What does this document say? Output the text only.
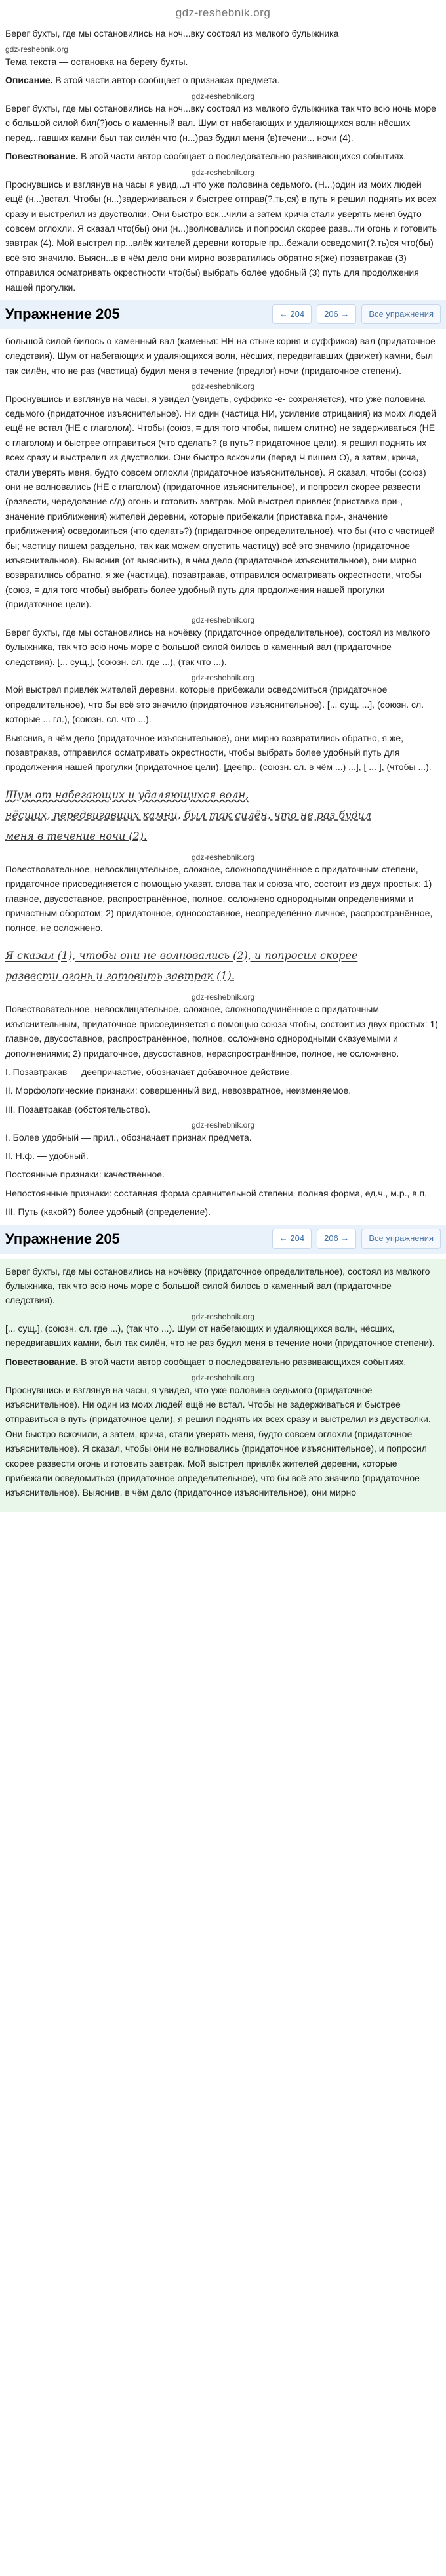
gdz-reshebnik.org

Берег бухты, где мы остановились на ноч...вку состоял из мелкого булыжника

gdz-reshebnik.org

Тема текста — остановка на берегу бухты.

Описание. В этой части автор сообщает о признаках предмета.

gdz-reshebnik.org

Берег бухты, где мы остановились на ноч...вку состоял из мелкого булыжника так что всю ночь море с большой силой бил(?)ось о каменный вал. Шум от набегающих и удаляющихся волн нёсших перед...гавших камни был так силён что (н...)раз будил меня (в)течени... ночи (4).

Повествование. В этой части автор сообщает о последовательно развивающихся событиях.

gdz-reshebnik.org

Проснувшись и взглянув на часы я увид...л что уже половина седьмого. (Н...)один из моих людей ещё (н...)встал. Чтобы (н...)задерживаться и быстрее отправ(?,ть,ся) в путь я решил поднять их всех сразу и выстрелил из двустволки. Они быстро вск...чили а затем крича стали уверять меня будто совсем оглохли. Я сказал что(бы) они (н...)волновались и попросил скорее разв...ти огонь и готовить завтрак (4). Мой выстрел пр...влёк жителей деревни которые пр...бежали осведомит(?,ть)ся что(бы) всё это значило. Выясн...в в чём дело они мирно возвратились обратно я(же) позавтракав (3) отправился осматривать окрестности что(бы) выбрать более удобный (3) путь для продолжения нашей прогулки.

Упражнение 205	← 204	206 →	Все упражнения

большой силой билось о каменный вал (каменья: НН на стыке корня и суффикса) вал (придаточное следствия). Шум от набегающих и удаляющихся волн, нёсших, передвигавших (движет) камни, был так силён, что не раз (частица) будил меня в течение (предлог) ночи (придаточное степени).

gdz-reshebnik.org

Проснувшись и взглянув на часы, я увидел (увидеть, суффикс -е- сохраняется), что уже половина седьмого (придаточное изъяснительное). Ни один (частица НИ, усиление отрицания) из моих людей ещё не встал (НЕ с глаголом). Чтобы (союз, = для того чтобы, пишем слитно) не задерживаться (НЕ с глаголом) и быстрее отправиться (что сделать? (в путь? придаточное цели), я решил поднять их всех сразу и выстрелил из двустволки. Они быстро вскочили (перед Ч пишем О), а затем, крича, стали уверять меня, будто совсем оглохли (придаточное изъяснительное). Я сказал, чтобы (союз) они не волновались (НЕ с глаголом) (придаточное изъяснительное), и попросил скорее развести (развести, чередование с/д) огонь и готовить завтрак. Мой выстрел привлёк (приставка при-, значение приближения) жителей деревни, которые прибежали (приставка при-, значение приближения) осведомиться (что сделать?) (придаточное определительное), что бы (что с частицей бы; частицу пишем раздельно, так как можем опустить частицу) всё это значило (придаточное изъяснительное). Выяснив (от выяснить), в чём дело (придаточное изъяснительное), они мирно возвратились обратно, я же (частица), позавтракав, отправился осматривать окрестности, чтобы (союз, = для того чтобы) выбрать более удобный путь для продолжения нашей прогулки (придаточное цели).

gdz-reshebnik.org

Берег бухты, где мы остановились на ночёвку (придаточное определительное), состоял из мелкого булыжника, так что всю ночь море с большой силой билось о каменный вал (придаточное следствия). [... сущ.], (союзн. сл. где ...), (так что ...).

gdz-reshebnik.org

Мой выстрел привлёк жителей деревни, которые прибежали осведомиться (придаточное определительное), что бы всё это значило (придаточное изъяснительное). [... сущ. ...], (союзн. сл. которые ... гл.), (союзн. сл. что ...).

Выяснив, в чём дело (придаточное изъяснительное), они мирно возвратились обратно, я же, позавтракав, отправился осматривать окрестности, чтобы выбрать более удобный путь для продолжения нашей прогулки (придаточное цели). [деепр., (союзн. сл. в чём ...) ...], [ ... ], (чтобы ...).

Шум от набегающих и удаляющихся волн,
нёсших, передвигавших камни, был так силён, что не раз будил
меня в течение ночи (2).
gdz-reshebnik.org

Повествовательное, невосклицательное, сложное, сложноподчинённое с придаточным степени, придаточное присоединяется с помощью указат. слова так и союза что, состоит из двух простых: 1) главное, двусоставное, распространённое, полное, осложнено однородными определениями и причастным оборотом; 2) придаточное, односоставное, неопределённо-личное, распространённое, полное, не осложнено.

Я сказал (1), чтобы они не волновались (2), и попросил скорее
развести огонь и готовить завтрак (1).
gdz-reshebnik.org

Повествовательное, невосклицательное, сложное, сложноподчинённое с придаточным изъяснительным, придаточное присоединяется с помощью союза чтобы, состоит из двух простых: 1) главное, двусоставное, распространённое, полное, осложнено однородными сказуемыми и дополнениями; 2) придаточное, двусоставное, нераспространённое, полное, не осложнено.

I. Позавтракав — деепричастие, обозначает добавочное действие.

II. Морфологические признаки: совершенный вид, невозвратное, неизменяемое.

III. Позавтракав (обстоятельство).

gdz-reshebnik.org

I. Более удобный — прил., обозначает признак предмета.

II. Н.ф. — удобный.

Постоянные признаки: качественное.

Непостоянные признаки: составная форма сравнительной степени, полная форма, ед.ч., м.р., в.п.

III. Путь (какой?) более удобный (определение).

Упражнение 205	← 204	206 →	Все упражнения

Берег бухты, где мы остановились на ночёвку (придаточное определительное), состоял из мелкого булыжника, так что всю ночь море с большой силой билось о каменный вал (придаточное следствия).

gdz-reshebnik.org

[... сущ.], (союзн. сл. где ...), (так что ...). Шум от набегающих и удаляющихся волн, нёсших, передвигавших камни, был так силён, что не раз будил меня в течение ночи (придаточное степени).

Повествование. В этой части автор сообщает о последовательно развивающихся событиях.

gdz-reshebnik.org

Проснувшись и взглянув на часы, я увидел, что уже половина седьмого (придаточное изъяснительное). Ни один из моих людей ещё не встал. Чтобы не задерживаться и быстрее отправиться в путь (придаточное цели), я решил поднять их всех сразу и выстрелил из двустволки. Они быстро вскочили, а затем, крича, стали уверять меня, будто совсем оглохли (придаточное изъяснительное). Я сказал, чтобы они не волновались (придаточное изъяснительное), и попросил скорее развести огонь и готовить завтрак. Мой выстрел привлёк жителей деревни, которые прибежали осведомиться (придаточное определительное), что бы всё это значило (придаточное изъяснительное). Выяснив, в чём дело (придаточное изъяснительное), они мирно
